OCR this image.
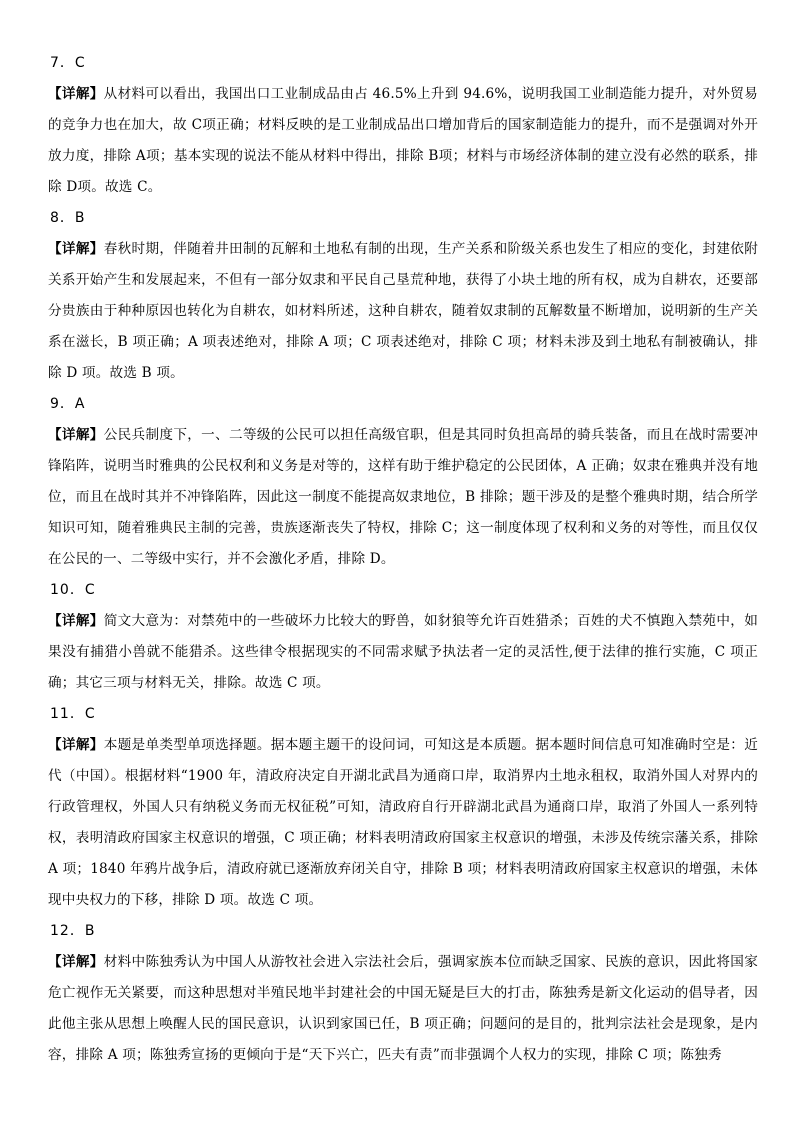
7．C

【详解】从材料可以看出，我国出口工业制成品由占 46.5%上升到 94.6%，说明我国工业制造能力提升，对外贸易的竞争力也在加大，故 C项正确；材料反映的是工业制成品出口增加背后的国家制造能力的提升，而不是强调对外开放力度，排除 A项；基本实现的说法不能从材料中得出，排除 B项；材料与市场经济体制的建立没有必然的联系，排除 D项。故选 C。

8．B

【详解】春秋时期，伴随着井田制的瓦解和土地私有制的出现，生产关系和阶级关系也发生了相应的变化，封建依附关系开始产生和发展起来，不但有一部分奴隶和平民自己垦荒种地，获得了小块土地的所有权，成为自耕农，还要部分贵族由于种种原因也转化为自耕农，如材料所述，这种自耕农，随着奴隶制的瓦解数量不断增加，说明新的生产关系在滋长，B 项正确；A 项表述绝对，排除 A 项；C 项表述绝对，排除 C 项；材料未涉及到土地私有制被确认，排除 D 项。故选 B 项。

9．A

【详解】公民兵制度下，一、二等级的公民可以担任高级官职，但是其同时负担高昂的骑兵装备，而且在战时需要冲锋陷阵，说明当时雅典的公民权利和义务是对等的，这样有助于维护稳定的公民团体，A 正确；奴隶在雅典并没有地位，而且在战时其并不冲锋陷阵，因此这一制度不能提高奴隶地位，B 排除；题干涉及的是整个雅典时期，结合所学知识可知，随着雅典民主制的完善，贵族逐渐丧失了特权，排除 C；这一制度体现了权利和义务的对等性，而且仅仅在公民的一、二等级中实行，并不会激化矛盾，排除 D。

10．C

【详解】简文大意为：对禁苑中的一些破坏力比较大的野兽，如豺狼等允许百姓猎杀；百姓的犬不慎跑入禁苑中，如果没有捕猎小兽就不能猎杀。这些律令根据现实的不同需求赋予执法者一定的灵活性,便于法律的推行实施，C 项正确；其它三项与材料无关，排除。故选 C 项。

11．C

【详解】本题是单类型单项选择题。据本题主题干的设问词，可知这是本质题。据本题时间信息可知准确时空是：近代（中国）。根据材料“1900 年，清政府决定自开湖北武昌为通商口岸，取消界内土地永租权，取消外国人对界内的行政管理权，外国人只有纳税义务而无权征税”可知，清政府自行开辟湖北武昌为通商口岸，取消了外国人一系列特权，表明清政府国家主权意识的增强，C 项正确；材料表明清政府国家主权意识的增强，未涉及传统宗藩关系，排除 A 项；1840 年鸦片战争后，清政府就已逐渐放弃闭关自守，排除 B 项；材料表明清政府国家主权意识的增强，未体现中央权力的下移，排除 D 项。故选 C 项。

12．B

【详解】材料中陈独秀认为中国人从游牧社会进入宗法社会后，强调家族本位而缺乏国家、民族的意识，因此将国家危亡视作无关紧要，而这种思想对半殖民地半封建社会的中国无疑是巨大的打击，陈独秀是新文化运动的倡导者，因此他主张从思想上唤醒人民的国民意识，认识到家国已任，B 项正确；问题问的是目的，批判宗法社会是现象，是内容，排除 A 项；陈独秀宣扬的更倾向于是“天下兴亡，匹夫有责”而非强调个人权力的实现，排除 C 项；陈独秀
